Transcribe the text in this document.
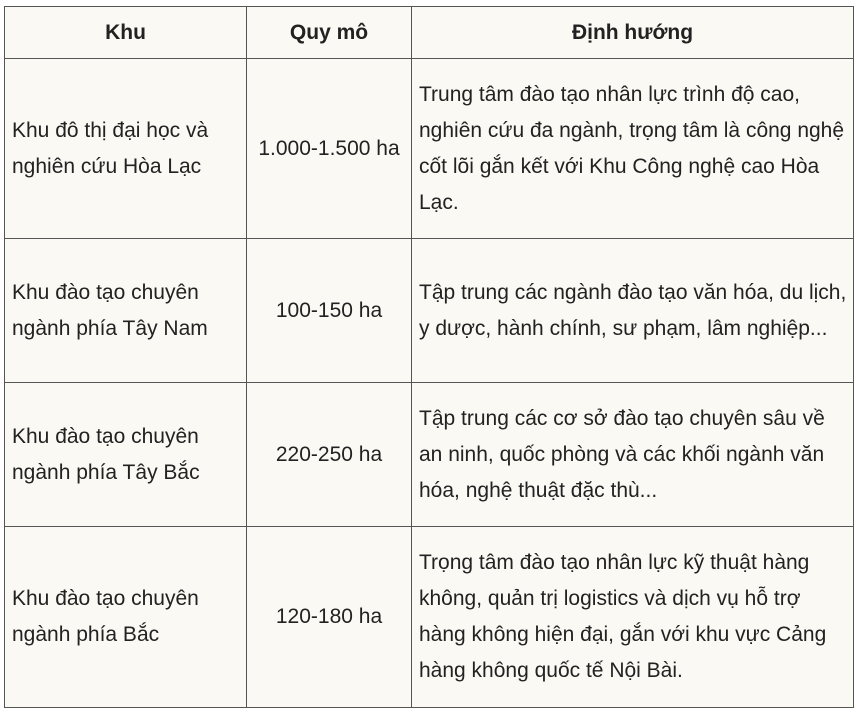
Khu	Quy mô	Định hướng
Khu đô thị đại học và nghiên cứu Hòa Lạc	1.000-1.500 ha	Trung tâm đào tạo nhân lực trình độ cao, nghiên cứu đa ngành, trọng tâm là công nghệ cốt lõi gắn kết với Khu Công nghệ cao Hòa Lạc.
Khu đào tạo chuyên ngành phía Tây Nam	100-150 ha	Tập trung các ngành đào tạo văn hóa, du lịch, y dược, hành chính, sư phạm, lâm nghiệp...
Khu đào tạo chuyên ngành phía Tây Bắc	220-250 ha	Tập trung các cơ sở đào tạo chuyên sâu về an ninh, quốc phòng và các khối ngành văn hóa, nghệ thuật đặc thù...
Khu đào tạo chuyên ngành phía Bắc	120-180 ha	Trọng tâm đào tạo nhân lực kỹ thuật hàng không, quản trị logistics và dịch vụ hỗ trợ hàng không hiện đại, gắn với khu vực Cảng hàng không quốc tế Nội Bài.
